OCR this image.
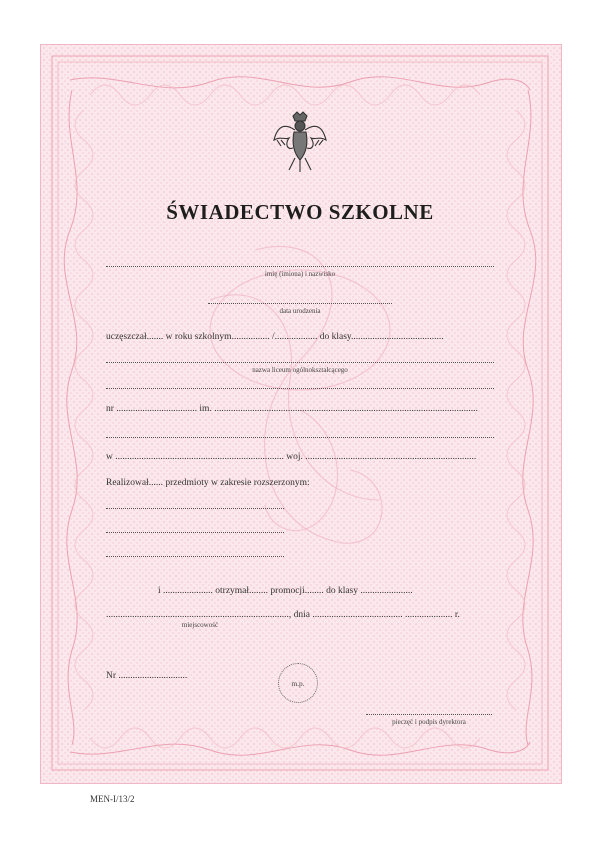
ŚWIADECTWO SZKOLNE
imię (imiona) i nazwisko
data urodzenia
uczęszczał....... w roku szkolnym................ /.................. do klasy.......................................
nazwa liceum ogólnokształcącego
nr .................................. im. ...............................................................................................................
w ....................................................................... woj. ........................................................................
Realizował...... przedmioty w zakresie rozszerzonym:
i ..................... otrzymał........ promocji........ do klasy ......................
............................................................................., dnia ...................................... .................... r.
miejscowość
Nr .............................
m.p.
pieczęć i podpis dyrektora
MEN-I/13/2
